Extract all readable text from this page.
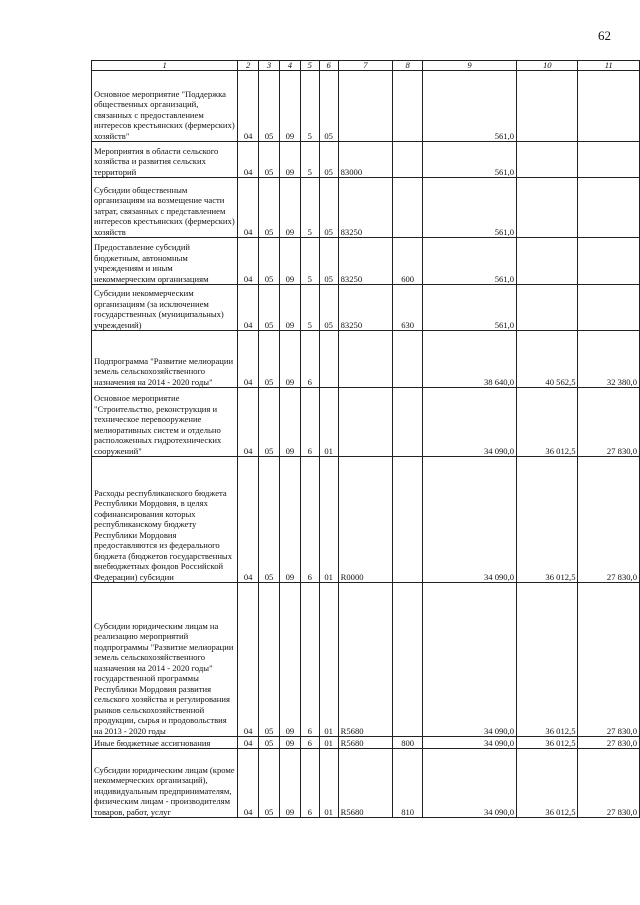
62
1	2	3	4	5	6	7	8	9	10	11
Основное мероприятие "Поддержка общественных организаций, связанных с предоставлением интересов крестьянских (фермерских) хозяйств"	04	05	09	5	05			561,0		
Мероприятия в области сельского хозяйства и развития сельских территорий	04	05	09	5	05	83000		561,0		
Субсидии общественным организациям на возмещение части затрат, связанных с представлением интересов крестьянских (фермерских) хозяйств	04	05	09	5	05	83250		561,0		
Предоставление субсидий бюджетным, автономным учреждениям и иным некоммерческим организациям	04	05	09	5	05	83250	600	561,0		
Субсидии некоммерческим организациям (за исключением государственных (муниципальных) учреждений)	04	05	09	5	05	83250	630	561,0		
Подпрограмма "Развитие мелиорации земель сельскохозяйственного назначения на 2014 - 2020 годы"	04	05	09	6				38 640,0	40 562,5	32 380,0
Основное мероприятие "Строительство, реконструкция и техническое перевооружение мелиоративных систем и отдельно расположенных гидротехнических сооружений"	04	05	09	6	01			34 090,0	36 012,5	27 830,0
Расходы республиканского бюджета Республики Мордовия, в целях софинансирования которых республиканскому бюджету Республики Мордовия предоставляются из федерального бюджета (бюджетов государственных внебюджетных фондов Российской Федерации) субсидии	04	05	09	6	01	R0000		34 090,0	36 012,5	27 830,0
Субсидии юридическим лицам на реализацию мероприятий подпрограммы "Развитие мелиорации земель сельскохозяйственного назначения на 2014 - 2020 годы" государственной программы Республики Мордовия развития сельского хозяйства и регулирования рынков сельскохозяйственной продукции, сырья и продовольствия на 2013 - 2020 годы	04	05	09	6	01	R5680		34 090,0	36 012,5	27 830,0
Иные бюджетные ассигнования	04	05	09	6	01	R5680	800	34 090,0	36 012,5	27 830,0
Субсидии юридическим лицам (кроме некоммерческих организаций), индивидуальным предпринимателям, физическим лицам - производителям товаров, работ, услуг	04	05	09	6	01	R5680	810	34 090,0	36 012,5	27 830,0
